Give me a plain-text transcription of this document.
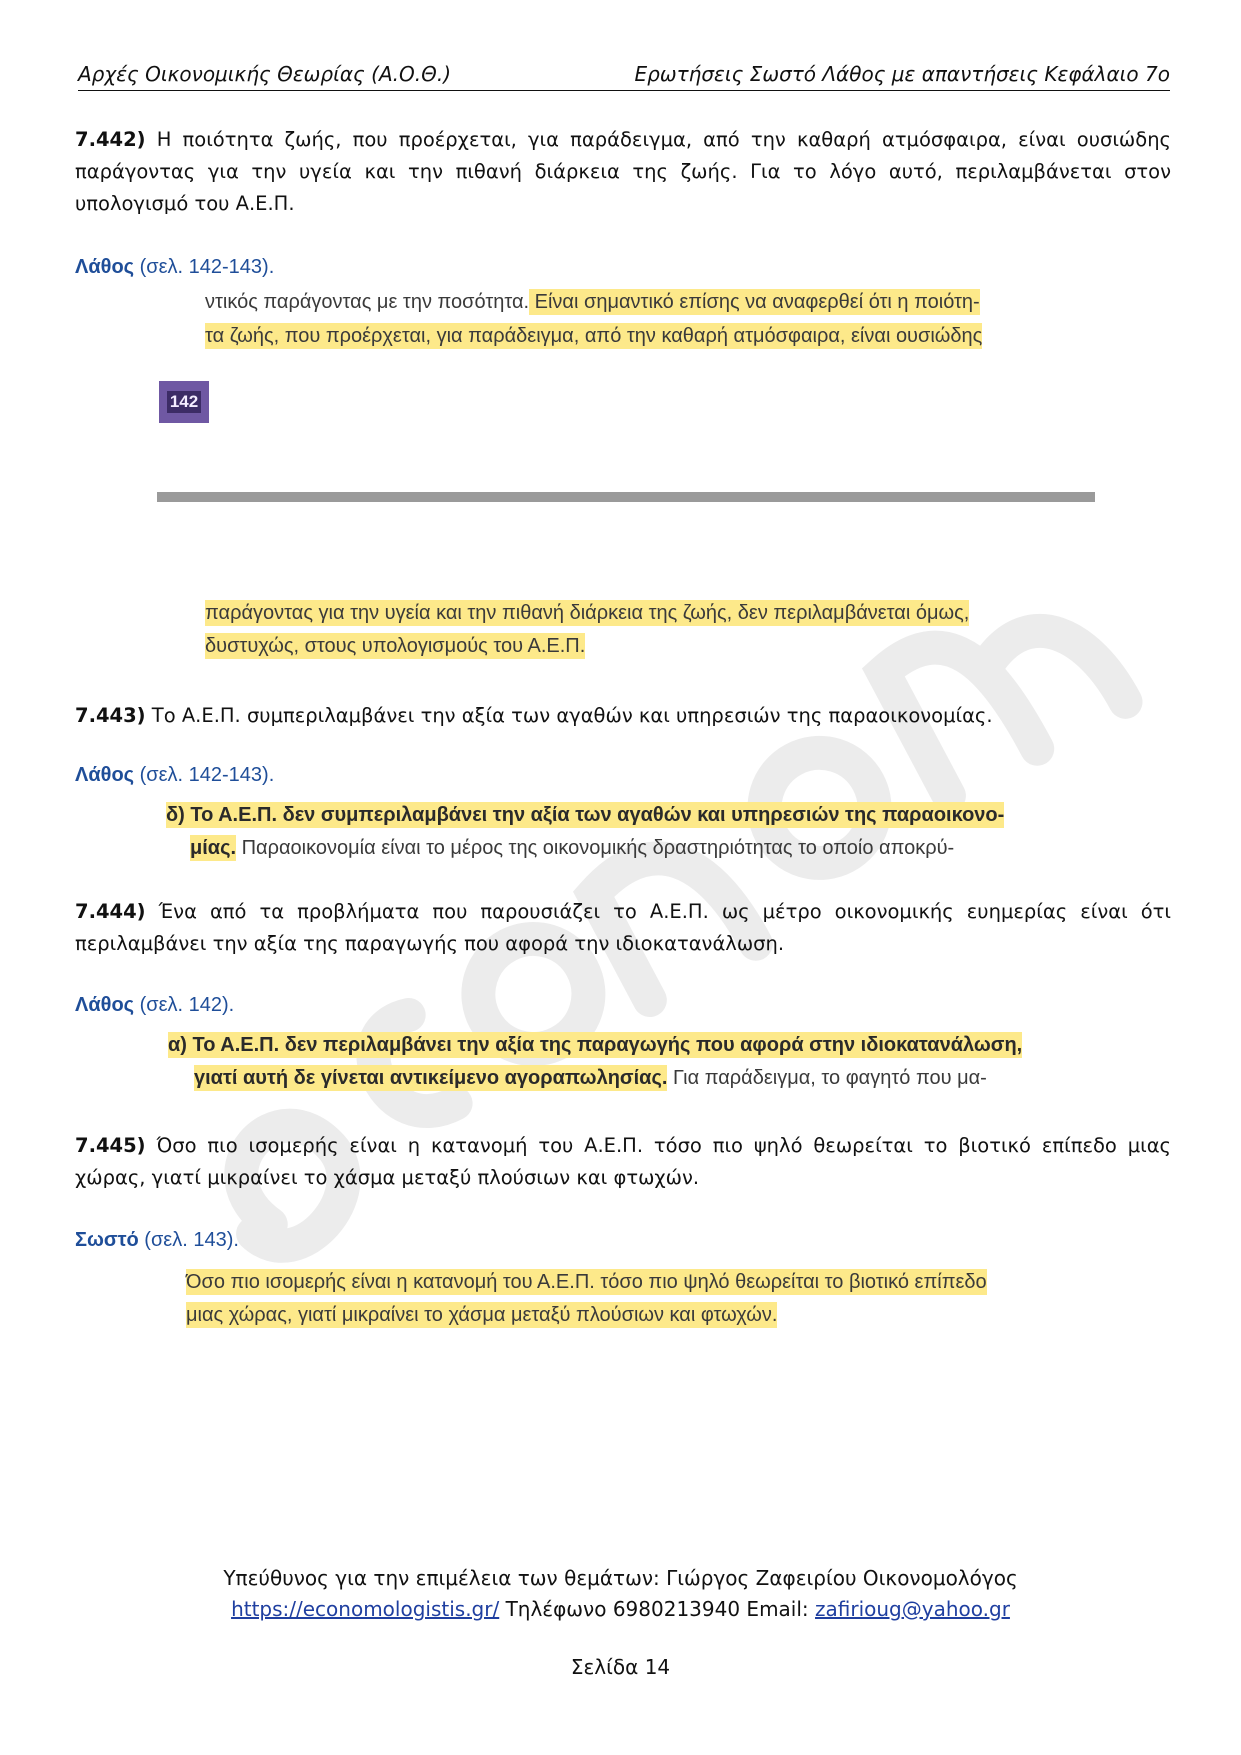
Αρχές Οικονομικής Θεωρίας (Α.Ο.Θ.)	Ερωτήσεις Σωστό Λάθος με απαντήσεις Κεφάλαιο 7ο
7.442) Η ποιότητα ζωής, που προέρχεται, για παράδειγμα, από την καθαρή ατμόσφαιρα, είναι ουσιώδης παράγοντας για την υγεία και την πιθανή διάρκεια της ζωής. Για το λόγο αυτό, περιλαμβάνεται στον υπολογισμό του Α.Ε.Π.
Λάθος (σελ. 142-143).
ντικός παράγοντας με την ποσότητα. Είναι σημαντικό επίσης να αναφερθεί ότι η ποιότη-
τα ζωής, που προέρχεται, για παράδειγμα, από την καθαρή ατμόσφαιρα, είναι ουσιώδης
142
παράγοντας για την υγεία και την πιθανή διάρκεια της ζωής, δεν περιλαμβάνεται όμως,
δυστυχώς, στους υπολογισμούς του Α.Ε.Π.
7.443) Το Α.Ε.Π. συμπεριλαμβάνει την αξία των αγαθών και υπηρεσιών της παραοικονομίας.
Λάθος (σελ. 142-143).
δ) Το Α.Ε.Π. δεν συμπεριλαμβάνει την αξία των αγαθών και υπηρεσιών της παραοικονο-
μίας. Παραοικονομία είναι το μέρος της οικονομικής δραστηριότητας το οποίο αποκρύ-
7.444) Ένα από τα προβλήματα που παρουσιάζει το Α.Ε.Π. ως μέτρο οικονομικής ευημερίας είναι ότι περιλαμβάνει την αξία της παραγωγής που αφορά την ιδιοκατανάλωση.
Λάθος (σελ. 142).
α) Το Α.Ε.Π. δεν περιλαμβάνει την αξία της παραγωγής που αφορά στην ιδιοκατανάλωση,
γιατί αυτή δε γίνεται αντικείμενο αγοραπωλησίας. Για παράδειγμα, το φαγητό που μα-
7.445) Όσο πιο ισομερής είναι η κατανομή του Α.Ε.Π. τόσο πιο ψηλό θεωρείται το βιοτικό επίπεδο μιας χώρας, γιατί μικραίνει το χάσμα μεταξύ πλούσιων και φτωχών.
Σωστό (σελ. 143).
Όσο πιο ισομερής είναι η κατανομή του Α.Ε.Π. τόσο πιο ψηλό θεωρείται το βιοτικό επίπεδο
μιας χώρας, γιατί μικραίνει το χάσμα μεταξύ πλούσιων και φτωχών.
Υπεύθυνος για την επιμέλεια των θεμάτων: Γιώργος Ζαφειρίου Οικονομολόγος
https://economologistis.gr/ Τηλέφωνο 6980213940 Email: zafirioug@yahoo.gr
Σελίδα 14
